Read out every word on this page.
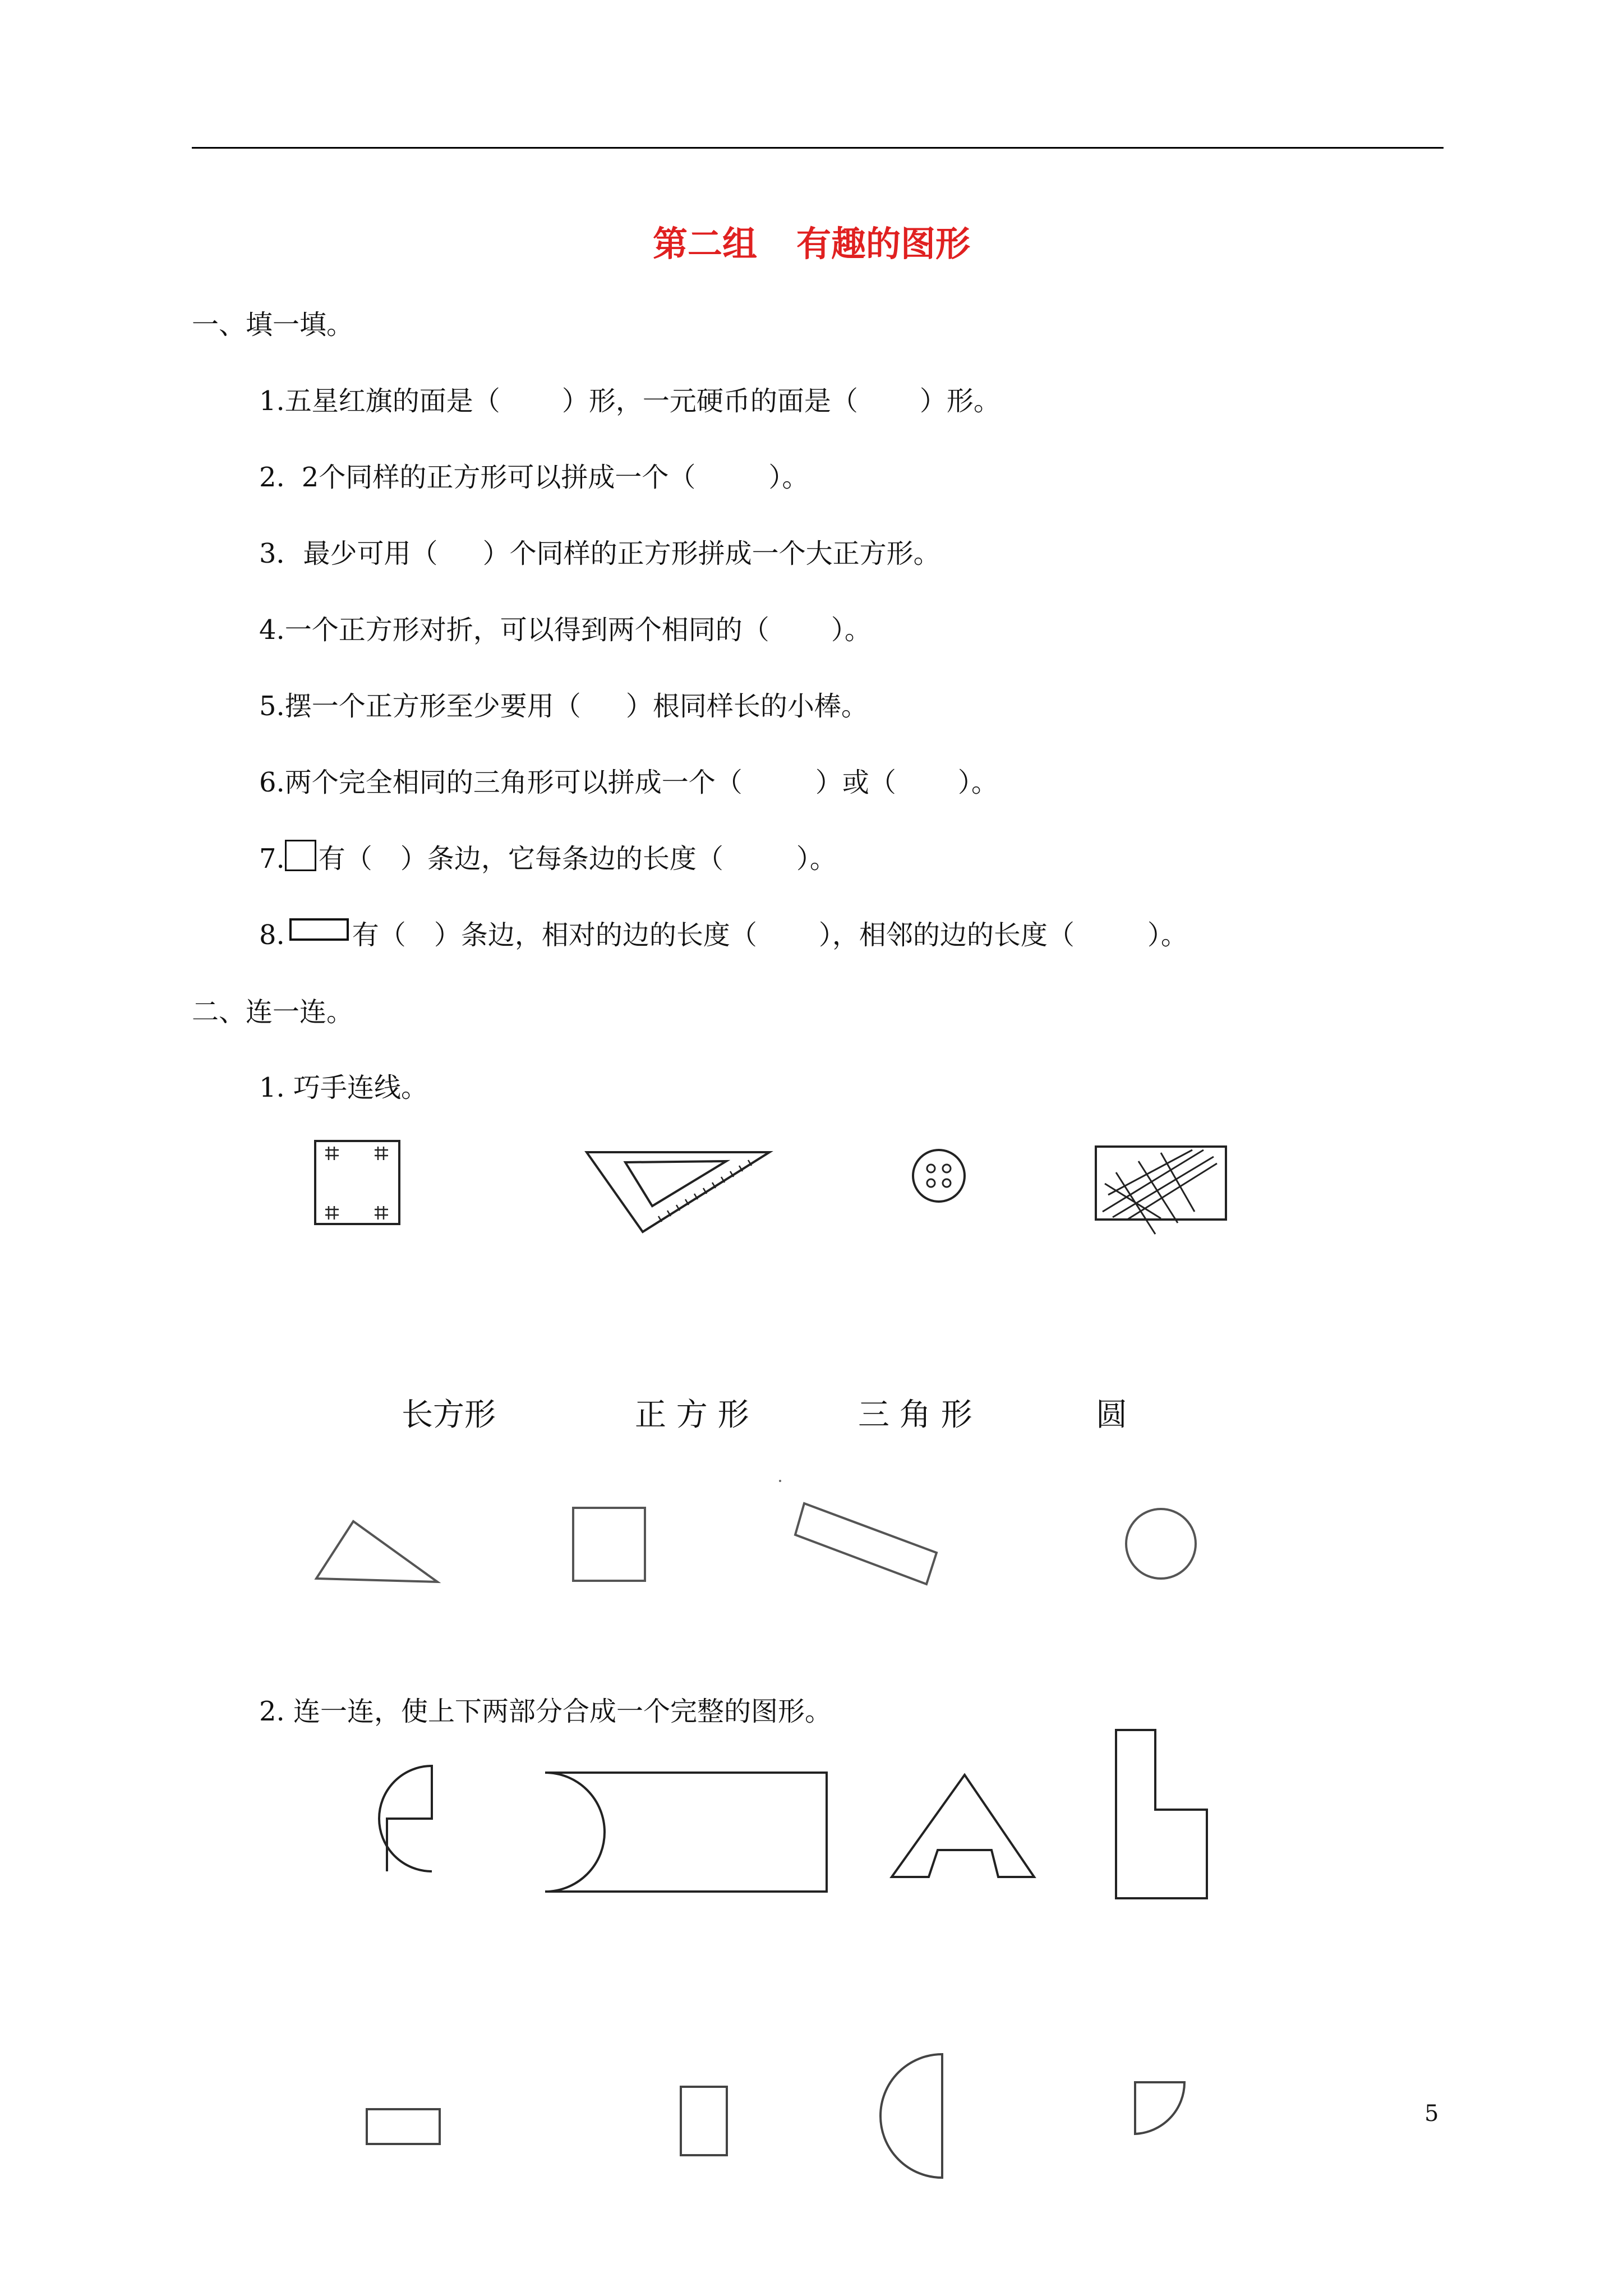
第二组 有趣的图形
一、填一填。
1.五星红旗的面是（ ）形，一元硬币的面是（ ）形。
2. 2个同样的正方形可以拼成一个（	）。
3．最少可用（ ）个同样的正方形拼成一个大正方形。
4.一个正方形对折，可以得到两个相同的（ ）。
5.摆一个正方形至少要用（ ）根同样长的小棒。
6.两个完全相同的三角形可以拼成一个（	）或（ ）。
7. 有（ ）条边，它每条边的长度（	）。
8.	有（ ）条边，相对的边的长度（ ），相邻的边的长度（	）。
二、连一连。
1. 巧手连线。
长方形	正 方 形	三 角 形	圆
2. 连一连，使上下两部分合成一个完整的图形。
5
